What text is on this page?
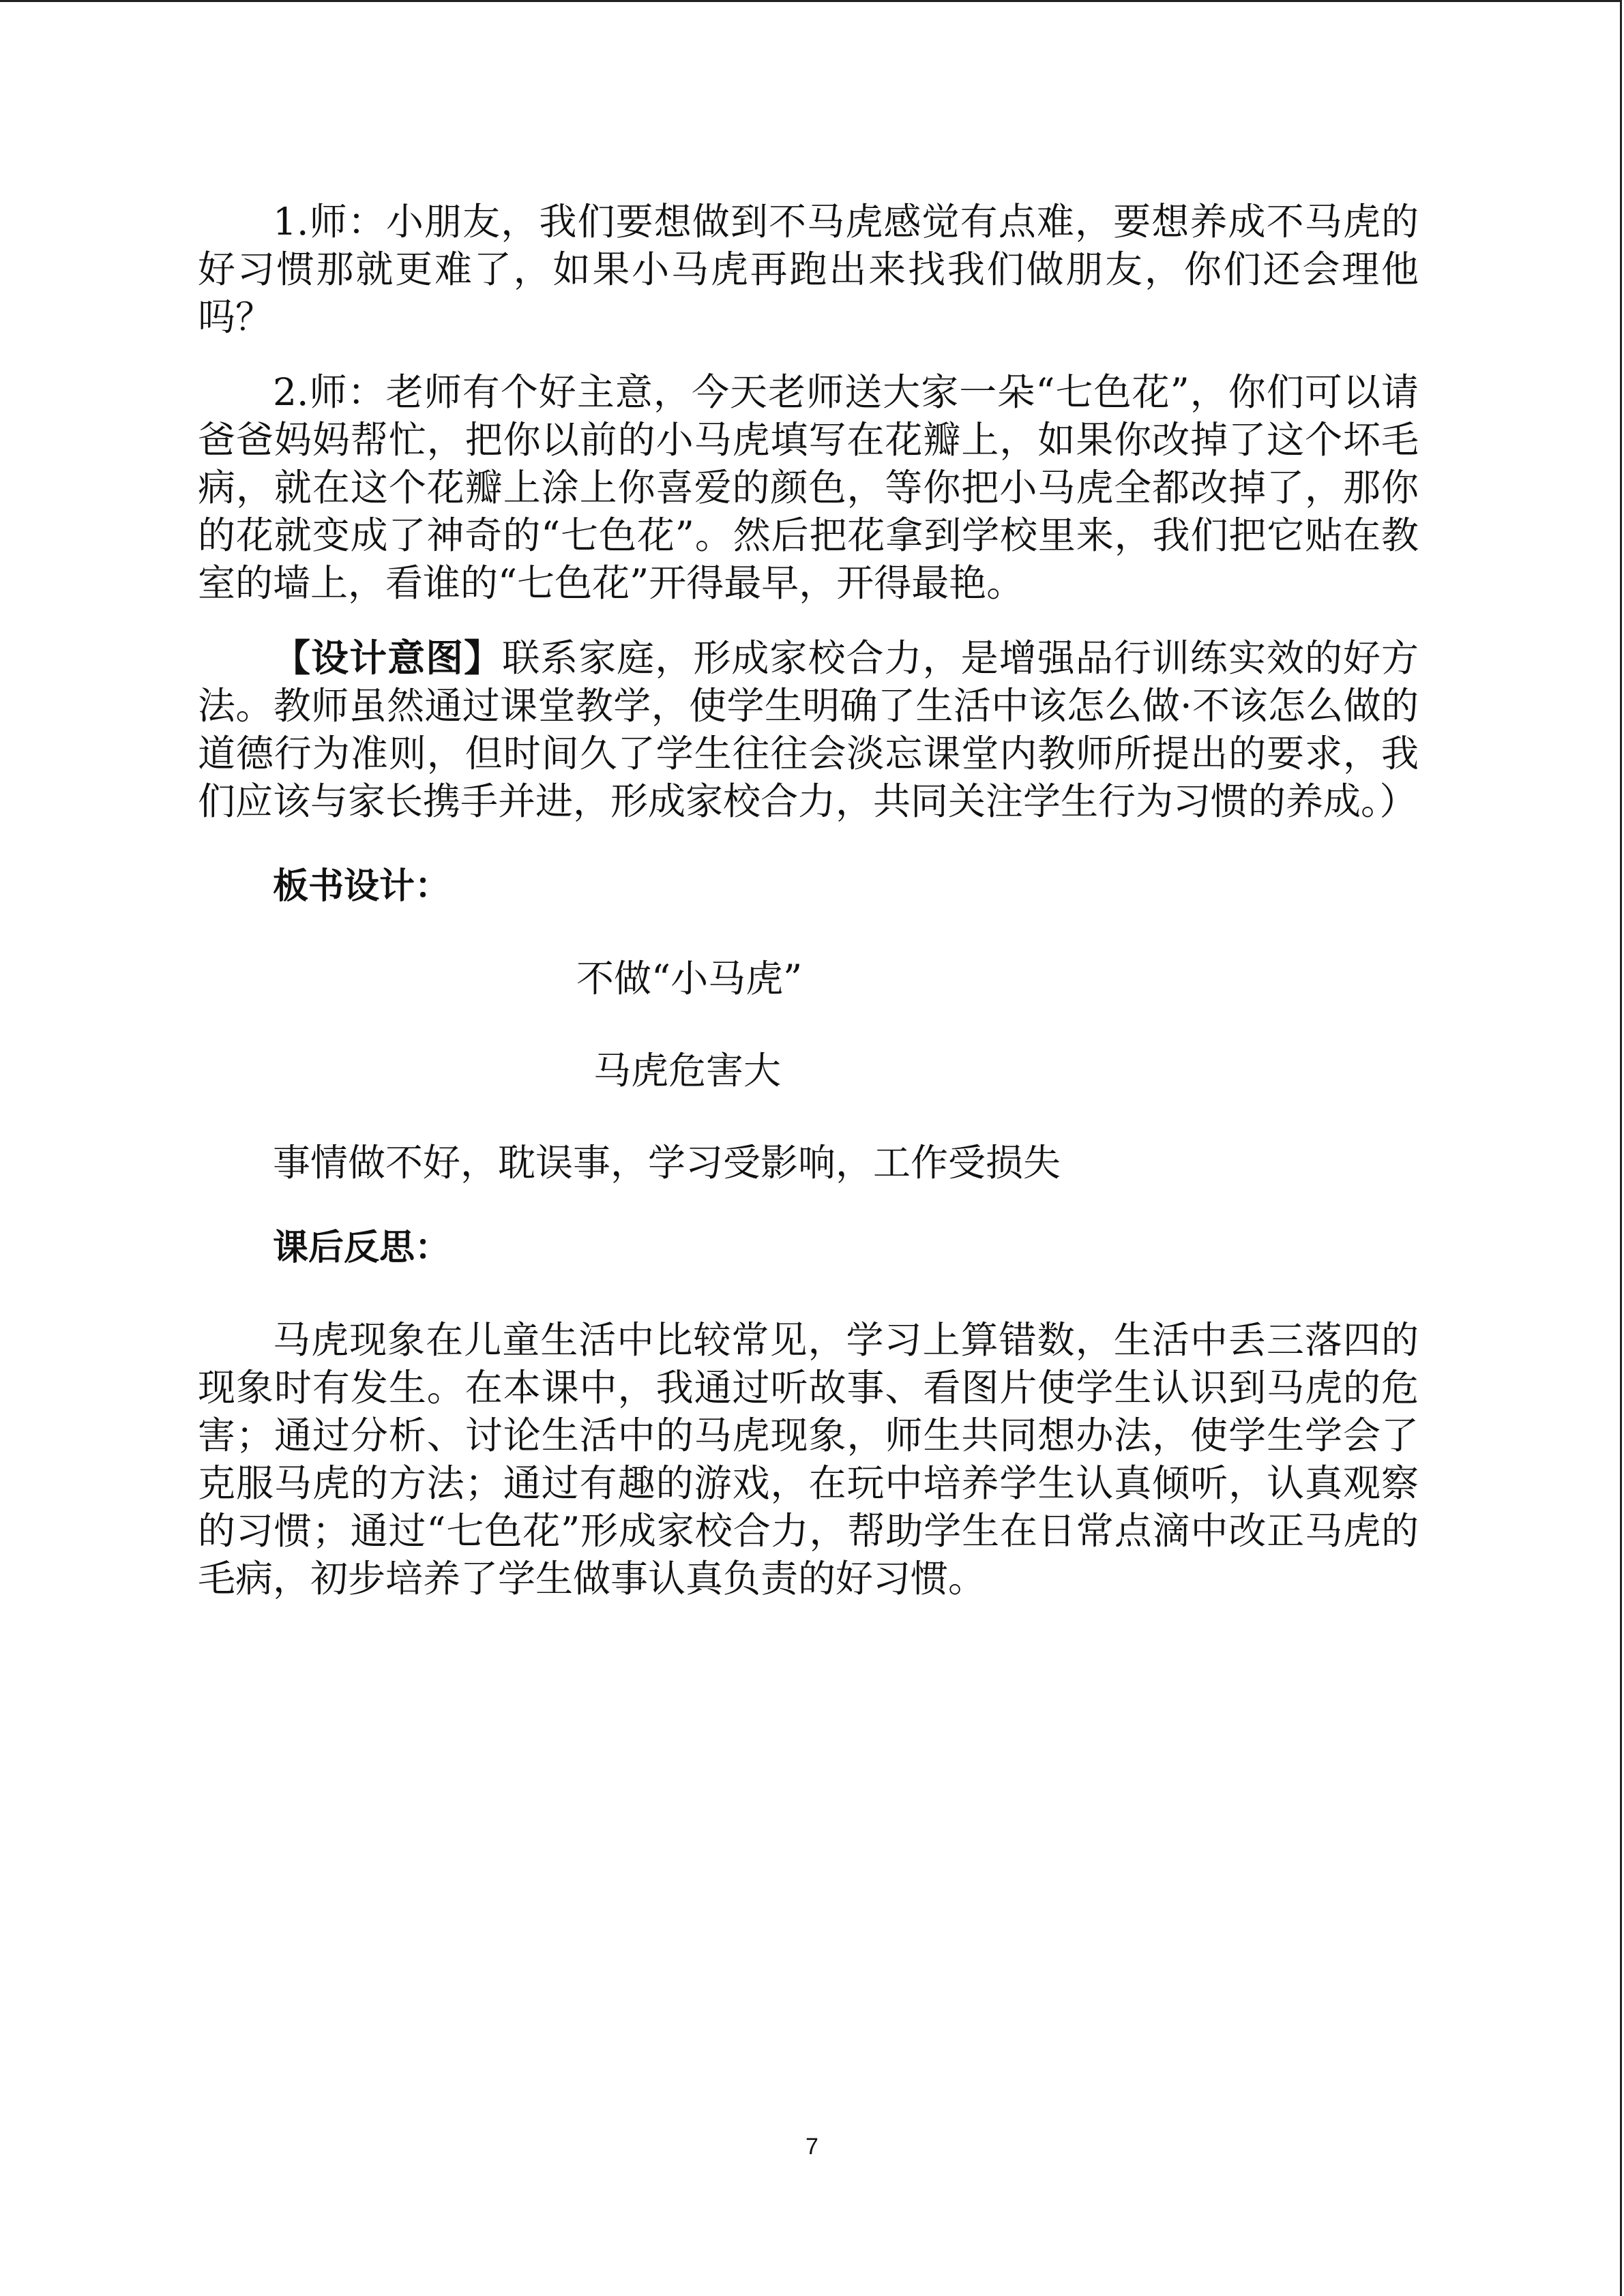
1.师：小朋友，我们要想做到不马虎感觉有点难，要想养成不马虎的好习惯那就更难了，如果小马虎再跑出来找我们做朋友，你们还会理他吗？

2.师：老师有个好主意，今天老师送大家一朵“七色花”，你们可以请爸爸妈妈帮忙，把你以前的小马虎填写在花瓣上，如果你改掉了这个坏毛病，就在这个花瓣上涂上你喜爱的颜色，等你把小马虎全都改掉了，那你的花就变成了神奇的“七色花”。然后把花拿到学校里来，我们把它贴在教室的墙上，看谁的“七色花”开得最早，开得最艳。

【设计意图】联系家庭，形成家校合力，是增强品行训练实效的好方法。教师虽然通过课堂教学，使学生明确了生活中该怎么做·不该怎么做的道德行为准则，但时间久了学生往往会淡忘课堂内教师所提出的要求，我们应该与家长携手并进，形成家校合力，共同关注学生行为习惯的养成。）

板书设计：

不做“小马虎”

马虎危害大

事情做不好，耽误事，学习受影响，工作受损失

课后反思：

马虎现象在儿童生活中比较常见，学习上算错数，生活中丢三落四的现象时有发生。在本课中，我通过听故事、看图片使学生认识到马虎的危害；通过分析、讨论生活中的马虎现象，师生共同想办法，使学生学会了克服马虎的方法；通过有趣的游戏，在玩中培养学生认真倾听，认真观察的习惯；通过“七色花”形成家校合力，帮助学生在日常点滴中改正马虎的毛病，初步培养了学生做事认真负责的好习惯。

7
